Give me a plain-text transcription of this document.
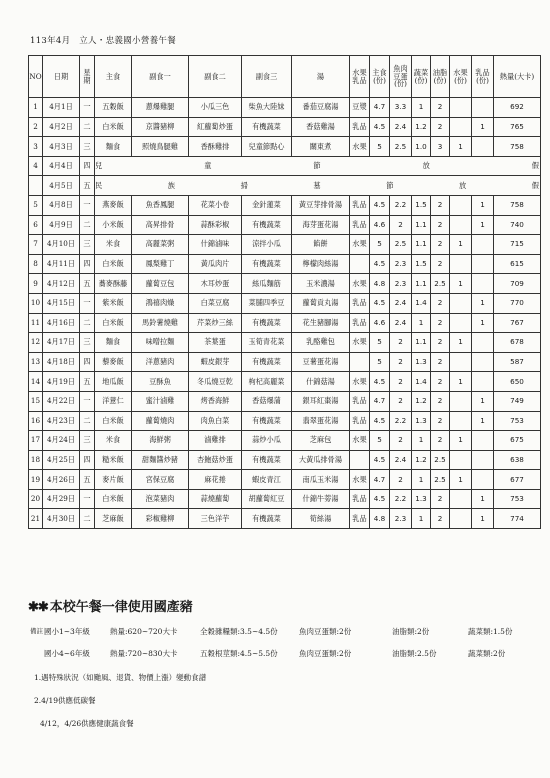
113年4月　立人・忠義國小營養午餐
NO	日期	星期	主食	副食一	副食二	副食三	湯	水果乳品	主食(份)	魚肉豆蛋(份)	蔬菜(份)	油脂(份)	水果(份)	乳品(份)	熱量(大卡)
1	4月1日	一	五穀飯	蔥爆雞腿	小瓜三色	柴魚大陸妹	番茄豆腐湯	豆漿	4.7	3.3	1	2			692
2	4月2日	二	白米飯	京醬豬柳	紅蘿蔔炒蛋	有機蔬菜	香菇雞湯	乳品	4.5	2.4	1.2	2		1	765
3	4月3日	三	麵食	照燒鳥腿雞	香酥雞排	兒童節點心	關東煮	水果	5	2.5	1.0	3	1		758
4	4月4日	四	兒 童 節 放 假												
	4月5日	五	民 族 掃 墓 節 放 假												
5	4月8日	一	燕麥飯	魚香鳳腿	花菜小卷	金針蓮菜	黃豆芽排骨湯	乳品	4.5	2.2	1.5	2		1	758
6	4月9日	二	小米飯	高昇排骨	蒜酥彩椒	有機蔬菜	海芽蛋花湯	乳品	4.6	2	1.1	2		1	740
7	4月10日	三	米食	高麗菜粥	什錦滷味	涼拌小瓜	餡餅	水果	5	2.5	1.1	2	1		715
8	4月11日	四	白米飯	鳳梨雞丁	黃瓜肉片	有機蔬菜	檸檬肉絲湯		4.5	2.3	1.5	2			615
9	4月12日	五	蕎麥酥藤	蘿蔔豆包	木耳炒蛋	絲瓜麵筋	玉米濃湯	水果	4.8	2.3	1.1	2.5	1		709
10	4月15日	一	紫米飯	鴻禧肉燥	白菜豆腐	菜脯四季豆	蘿蔔貢丸湯	乳品	4.5	2.4	1.4	2		1	770
11	4月16日	二	白米飯	馬鈴薯燒雞	芹菜炒三絲	有機蔬菜	花生豬腳湯	乳品	4.6	2.4	1	2		1	767
12	4月17日	三	麵食	味噌拉麵	茶葉蛋	玉筍青花菜	乳酪雞包	水果	5	2	1.1	2	1		678
13	4月18日	四	藜麥飯	洋蔥豬肉	蝦皮銀芽	有機蔬菜	豆薯蛋花湯		5	2	1.3	2			587
14	4月19日	五	地瓜飯	豆酥魚	冬瓜燒豆乾	枸杞高麗菜	什錦菇湯	水果	4.5	2	1.4	2	1		650
15	4月22日	一	洋薏仁	蜜汁滷雞	烤香海鮮	香菇爆蒲	銀耳紅棗湯	乳品	4.7	2	1.2	2		1	749
16	4月23日	二	白米飯	蘿蔔燒肉	肉魚白菜	有機蔬菜	翡翠蛋花湯	乳品	4.5	2.2	1.3	2		1	753
17	4月24日	三	米食	海鮮粥	滷雞排	蒜炒小瓜	芝麻包	水果	5	2	1	2	1		675
18	4月25日	四	糙米飯	甜麵醬炒豬	杏鮑菇炒蛋	有機蔬菜	大黃瓜排骨湯		4.5	2.4	1.2	2.5			638
19	4月26日	五	麥片飯	宮保豆腐	麻花捲	蝦皮青江	南瓜玉米湯	水果	4.7	2	1	2.5	1		677
20	4月29日	一	白米飯	泡菜豬肉	蒜燒蘿蔔	胡蘿蔔紅豆	什錦牛蒡湯	乳品	4.5	2.2	1.3	2		1	753
21	4月30日	二	芝麻飯	彩椒雞柳	三色洋芋	有機蔬菜	筍絲湯	乳品	4.8	2.3	1	2		1	774
✱✱ 本校午餐一律使用國產豬
備註 國小1~3年級	熱量:620~720大卡	全穀雜糧類:3.5~4.5份	魚肉豆蛋類:2份	油脂類:2份	蔬菜類:1.5份
國小4~6年級	熱量:720~830大卡	五穀根莖類:4.5~5.5份	魚肉豆蛋類:2份	油脂類:2.5份	蔬菜類:2份
1.遇特殊狀況（如颱風、退貨、物價上漲）變動食譜
2.4/19供應低碳餐
4/12，4/26供應健康蔬食餐
